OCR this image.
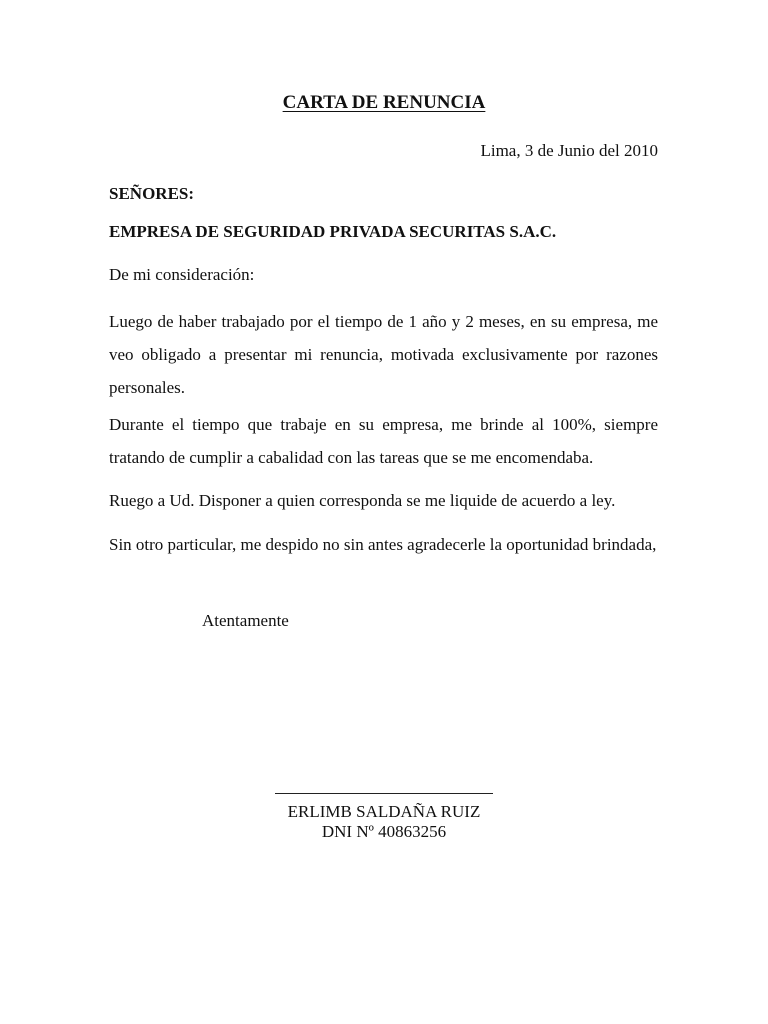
CARTA DE RENUNCIA
Lima, 3 de Junio del 2010
SEÑORES:
EMPRESA DE SEGURIDAD PRIVADA SECURITAS S.A.C.
De mi consideración:
Luego de haber trabajado por el tiempo de 1 año y 2 meses, en su empresa, me veo obligado a presentar mi renuncia, motivada exclusivamente por razones personales.
Durante el tiempo que trabaje en su empresa, me brinde al 100%, siempre tratando de cumplir a cabalidad con las tareas que se me encomendaba.
Ruego a Ud. Disponer a quien corresponda se me liquide de acuerdo a ley.
Sin otro particular, me despido no sin antes agradecerle la oportunidad brindada,
Atentamente
ERLIMB SALDAÑA RUIZ
DNI Nº 40863256
